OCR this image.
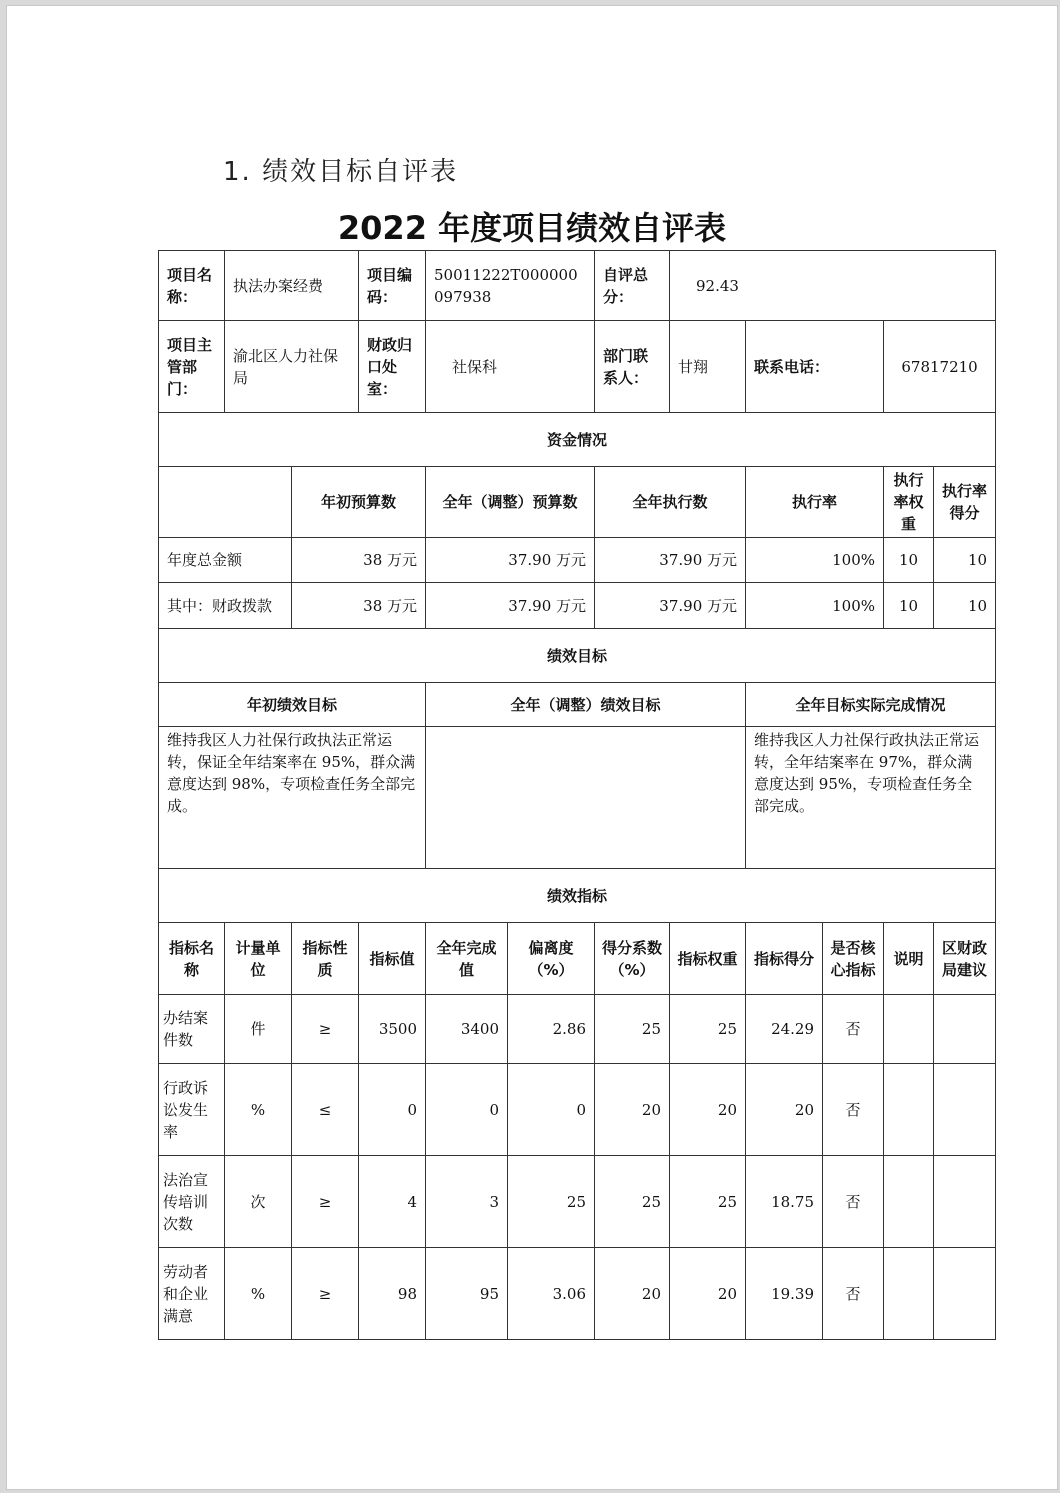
1. 绩效目标自评表
2022 年度项目绩效自评表
项目名称：	执法办案经费		项目编码：	50011222T000000097938		自评总分：	92.43				
项目主管部门：	渝北区人力社保局		财政归口处室：	社保科		部门联系人：	甘翔	联系电话：		67817210	
资金情况											
		年初预算数		全年（调整）预算数		全年执行数		执行率		执行率权重	执行率得分
年度总金额		38 万元		37.90 万元		37.90 万元		100%		10	10
其中：财政拨款		38 万元		37.90 万元		37.90 万元		100%		10	10
绩效目标											
年初绩效目标				全年（调整）绩效目标				全年目标实际完成情况			
维持我区人力社保行政执法正常运转，保证全年结案率在 95%，群众满意度达到 98%，专项检查任务全部完成。								维持我区人力社保行政执法正常运转，全年结案率在 97%，群众满意度达到 95%，专项检查任务全部完成。			
绩效指标											
指标名称	计量单位	指标性质	指标值	全年完成值	偏离度（%）	得分系数（%）	指标权重	指标得分	是否核心指标	说明	区财政局建议
办结案件数	件	≥	3500	3400	2.86	25	25	24.29	否		
行政诉讼发生率	%	≤	0	0	0	20	20	20	否		
法治宣传培训次数	次	≥	4	3	25	25	25	18.75	否		
劳动者和企业满意	%	≥	98	95	3.06	20	20	19.39	否		
